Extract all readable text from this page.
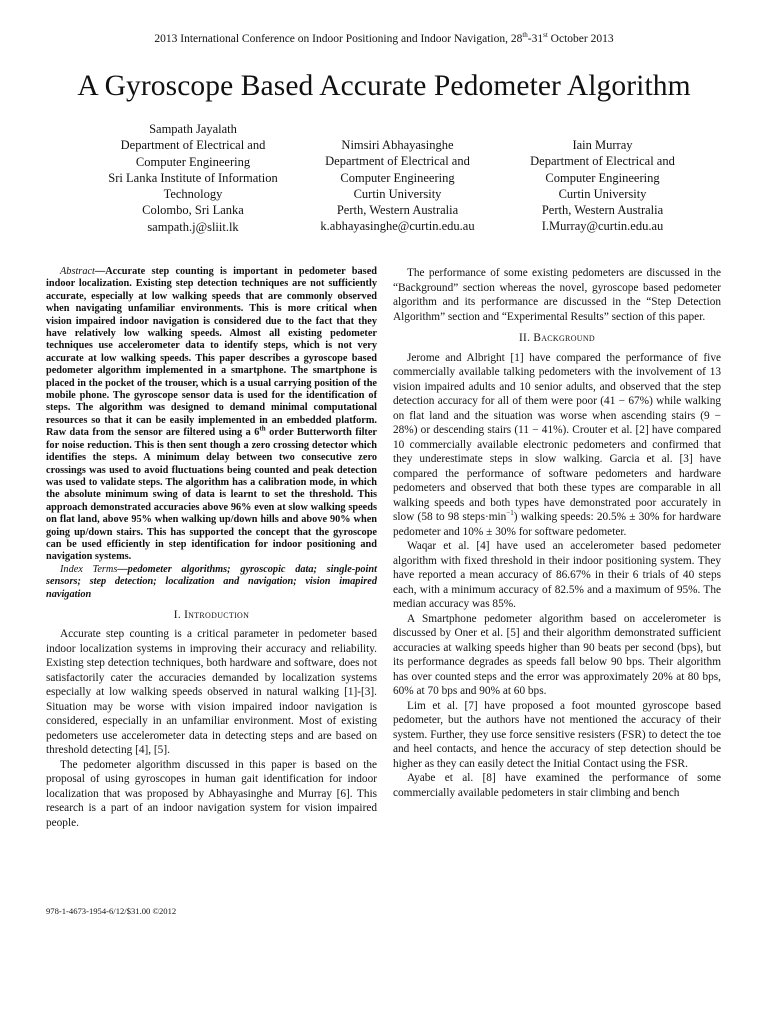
2013 International Conference on Indoor Positioning and Indoor Navigation, 28th-31st October 2013
A Gyroscope Based Accurate Pedometer Algorithm
Sampath Jayalath
Department of Electrical and
Computer Engineering
Sri Lanka Institute of Information
Technology
Colombo, Sri Lanka
sampath.j@sliit.lk
Nimsiri Abhayasinghe
Department of Electrical and
Computer Engineering
Curtin University
Perth, Western Australia
k.abhayasinghe@curtin.edu.au
Iain Murray
Department of Electrical and
Computer Engineering
Curtin University
Perth, Western Australia
I.Murray@curtin.edu.au

Abstract—Accurate step counting is important in pedometer based indoor localization. Existing step detection techniques are not sufficiently accurate, especially at low walking speeds that are commonly observed when navigating unfamiliar environments. This is more critical when vision impaired indoor navigation is considered due to the fact that they have relatively low walking speeds. Almost all existing pedometer techniques use accelerometer data to identify steps, which is not very accurate at low walking speeds. This paper describes a gyroscope based pedometer algorithm implemented in a smartphone. The smartphone is placed in the pocket of the trouser, which is a usual carrying position of the mobile phone. The gyroscope sensor data is used for the identification of steps. The algorithm was designed to demand minimal computational resources so that it can be easily implemented in an embedded platform. Raw data from the sensor are filtered using a 6th order Butterworth filter for noise reduction. This is then sent though a zero crossing detector which identifies the steps. A minimum delay between two consecutive zero crossings was used to avoid fluctuations being counted and peak detection was used to validate steps. The algorithm has a calibration mode, in which the absolute minimum swing of data is learnt to set the threshold. This approach demonstrated accuracies above 96% even at slow walking speeds on flat land, above 95% when walking up/down hills and above 90% when going up/down stairs. This has supported the concept that the gyroscope can be used efficiently in step identification for indoor positioning and navigation systems.

Index Terms—pedometer algorithms; gyroscopic data; single-point sensors; step detection; localization and navigation; vision imapired navigation

I. Introduction

Accurate step counting is a critical parameter in pedometer based indoor localization systems in improving their accuracy and reliability. Existing step detection techniques, both hardware and software, does not satisfactorily cater the accuracies demanded by localization systems especially at low walking speeds observed in natural walking [1]-[3]. Situation may be worse with vision impaired indoor navigation is considered, especially in an unfamiliar environment. Most of existing pedometers use accelerometer data in detecting steps and are based on threshold detecting [4], [5].

The pedometer algorithm discussed in this paper is based on the proposal of using gyroscopes in human gait identification for indoor localization that was proposed by Abhayasinghe and Murray [6]. This research is a part of an indoor navigation system for vision impaired people.

The performance of some existing pedometers are discussed in the “Background” section whereas the novel, gyroscope based pedometer algorithm and its performance are discussed in the “Step Detection Algorithm” section and “Experimental Results” section of this paper.

II. Background

Jerome and Albright [1] have compared the performance of five commercially available talking pedometers with the involvement of 13 vision impaired adults and 10 senior adults, and observed that the step detection accuracy for all of them were poor (41 − 67%) while walking on flat land and the situation was worse when ascending stairs (9 − 28%) or descending stairs (11 − 41%). Crouter et al. [2] have compared 10 commercially available electronic pedometers and confirmed that they underestimate steps in slow walking. Garcia et al. [3] have compared the performance of software pedometers and hardware pedometers and observed that both these types are comparable in all walking speeds and both types have demonstrated poor accurately in slow (58 to 98 $steps\cdot\min^{-1}$) walking speeds: 20.5% ± 30% for hardware pedometer and 10% ± 30% for software pedometer.

Waqar et al. [4] have used an accelerometer based pedometer algorithm with fixed threshold in their indoor positioning system. They have reported a mean accuracy of 86.67% in their 6 trials of 40 steps each, with a minimum accuracy of 82.5% and a maximum of 95%. The median accuracy was 85%.

A Smartphone pedometer algorithm based on accelerometer is discussed by Oner et al. [5] and their algorithm demonstrated sufficient accuracies at walking speeds higher than 90 beats per second (bps), but its performance degrades as speeds fall below 90 bps. Their algorithm has over counted steps and the error was approximately 20% at 80 bps, 60% at 70 bps and 90% at 60 bps.

Lim et al. [7] have proposed a foot mounted gyroscope based pedometer, but the authors have not mentioned the accuracy of their system. Further, they use force sensitive resisters (FSR) to detect the toe and heel contacts, and hence the accuracy of step detection should be higher as they can easily detect the Initial Contact using the FSR.

Ayabe et al. [8] have examined the performance of some commercially available pedometers in stair climbing and bench

978-1-4673-1954-6/12/$31.00 ©2012
